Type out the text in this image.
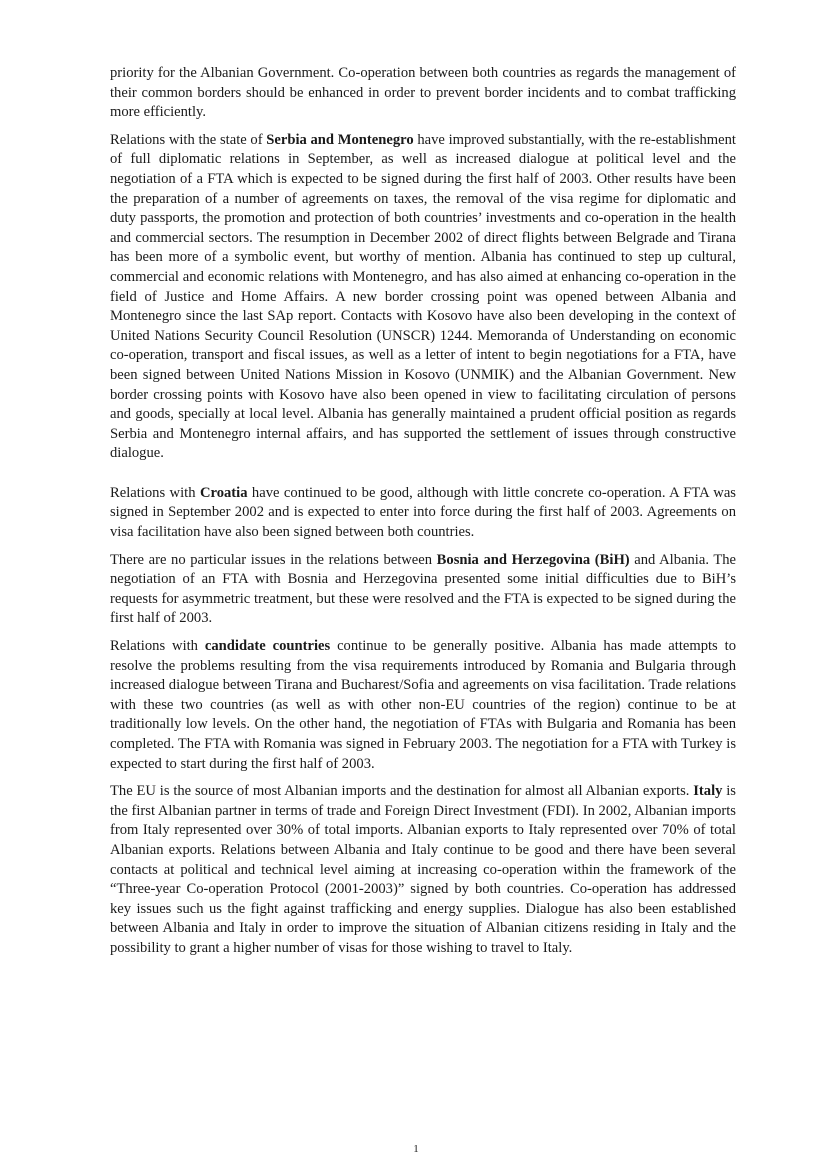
priority for the Albanian Government. Co-operation between both countries as regards the management of their common borders should be enhanced in order to prevent border incidents and to combat trafficking more efficiently.

Relations with the state of Serbia and Montenegro have improved substantially, with the re-establishment of full diplomatic relations in September, as well as increased dialogue at political level and the negotiation of a FTA which is expected to be signed during the first half of 2003. Other results have been the preparation of a number of agreements on taxes, the removal of the visa regime for diplomatic and duty passports, the promotion and protection of both countries’ investments and co-operation in the health and commercial sectors. The resumption in December 2002 of direct flights between Belgrade and Tirana has been more of a symbolic event, but worthy of mention. Albania has continued to step up cultural, commercial and economic relations with Montenegro, and has also aimed at enhancing co-operation in the field of Justice and Home Affairs. A new border crossing point was opened between Albania and Montenegro since the last SAp report. Contacts with Kosovo have also been developing in the context of United Nations Security Council Resolution (UNSCR) 1244. Memoranda of Understanding on economic co-operation, transport and fiscal issues, as well as a letter of intent to begin negotiations for a FTA, have been signed between United Nations Mission in Kosovo (UNMIK) and the Albanian Government. New border crossing points with Kosovo have also been opened in view to facilitating circulation of persons and goods, specially at local level. Albania has generally maintained a prudent official position as regards Serbia and Montenegro internal affairs, and has supported the settlement of issues through constructive dialogue.

Relations with Croatia have continued to be good, although with little concrete co-operation. A FTA was signed in September 2002 and is expected to enter into force during the first half of 2003. Agreements on visa facilitation have also been signed between both countries.

There are no particular issues in the relations between Bosnia and Herzegovina (BiH) and Albania. The negotiation of an FTA with Bosnia and Herzegovina presented some initial difficulties due to BiH’s requests for asymmetric treatment, but these were resolved and the FTA is expected to be signed during the first half of 2003.

Relations with candidate countries continue to be generally positive. Albania has made attempts to resolve the problems resulting from the visa requirements introduced by Romania and Bulgaria through increased dialogue between Tirana and Bucharest/Sofia and agreements on visa facilitation. Trade relations with these two countries (as well as with other non-EU countries of the region) continue to be at traditionally low levels. On the other hand, the negotiation of FTAs with Bulgaria and Romania has been completed. The FTA with Romania was signed in February 2003. The negotiation for a FTA with Turkey is expected to start during the first half of 2003.

The EU is the source of most Albanian imports and the destination for almost all Albanian exports. Italy is the first Albanian partner in terms of trade and Foreign Direct Investment (FDI). In 2002, Albanian imports from Italy represented over 30% of total imports. Albanian exports to Italy represented over 70% of total Albanian exports. Relations between Albania and Italy continue to be good and there have been several contacts at political and technical level aiming at increasing co-operation within the framework of the “Three-year Co-operation Protocol (2001-2003)” signed by both countries. Co-operation has addressed key issues such us the fight against trafficking and energy supplies. Dialogue has also been established between Albania and Italy in order to improve the situation of Albanian citizens residing in Italy and the possibility to grant a higher number of visas for those wishing to travel to Italy.

1
